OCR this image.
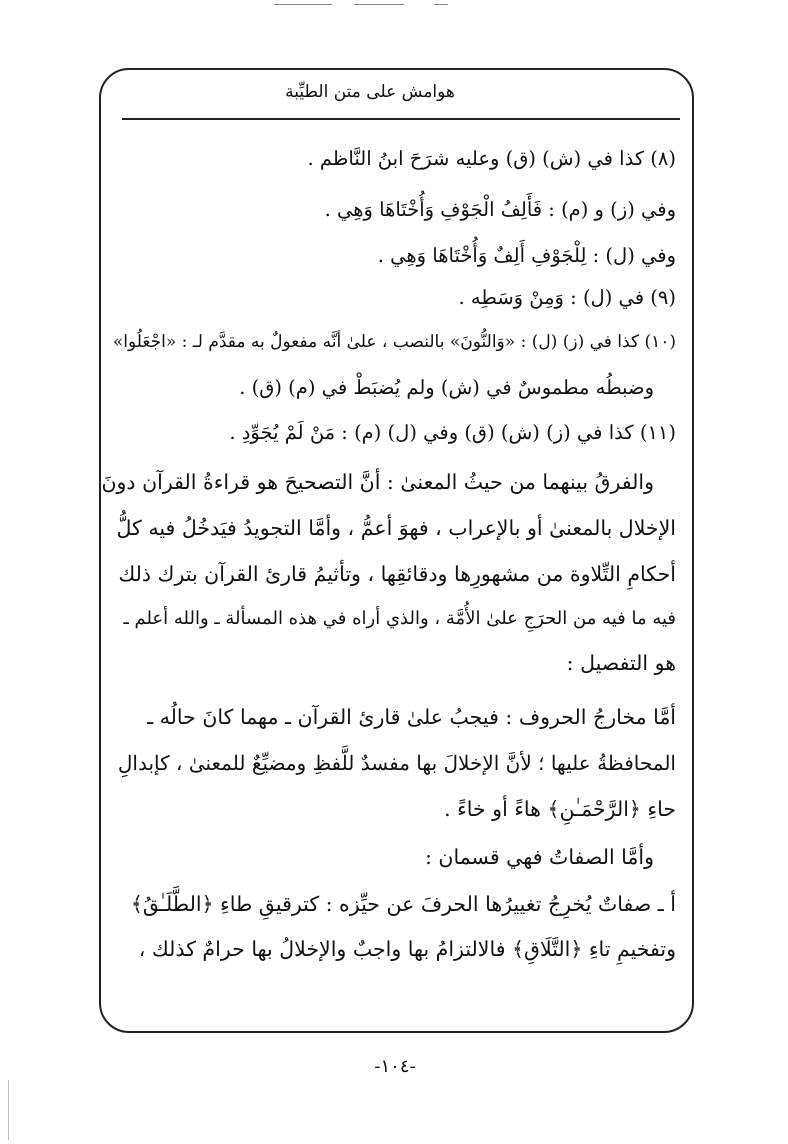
هوامش على متن الطيِّبة
(٨) كذا في (ش) (ق) وعليه شرَحَ ابنُ النَّاظم .
وفي (ز) و (م) : فَأَلِفُ الْجَوْفِ وَأُخْتَاهَا وَهِي .
وفي (ل) : لِلْجَوْفِ أَلِفٌ وَأُخْتَاهَا وَهِي .
(٩) في (ل) : وَمِنْ وَسَطِه .
(١٠) كذا في (ز) (ل) : «وَالنُّونَ» بالنصب ، علىٰ أنَّه مفعولٌ به مقدَّم لـ : «اجْعَلُوا»
وضبطُه مطموسٌ في (ش) ولم يُضبَطْ في (م) (ق) .
(١١) كذا في (ز) (ش) (ق) وفي (ل) (م) : مَنْ لَمْ يُجَوِّدِ .
والفرقُ بينهما من حيثُ المعنىٰ : أنَّ التصحيحَ هو قراءةُ القرآن دونَ
الإخلال بالمعنىٰ أو بالإعراب ، فهوَ أعمُّ ، وأمَّا التجويدُ فيَدخُلُ فيه كلُّ
أحكامِ التِّلاوة من مشهورِها ودقائقِها ، وتأثيمُ قارئ القرآن بترك ذلك
فيه ما فيه من الحرَجِ علىٰ الأُمَّة ، والذي أراه في هذه المسألة ـ والله أعلم ـ
هو التفصيل :
أمَّا مخارجُ الحروف : فيجبُ علىٰ قارئ القرآن ـ مهما كانَ حالُه ـ
المحافظةُ عليها ؛ لأنَّ الإخلالَ بها مفسدٌ للَّفظِ ومضيِّعٌ للمعنىٰ ، كإبدالِ
حاءِ ﴿الرَّحْمَـٰنِ﴾ هاءً أو خاءً .
وأمَّا الصفاتُ فهي قسمان :
أ ـ صفاتٌ يُخرِجُ تغييرُها الحرفَ عن حيِّزه : كترقيقِ طاءِ ﴿الطَّلَـٰقُ﴾
وتفخيمِ تاءِ ﴿التَّلَاقِ﴾ فالالتزامُ بها واجبٌ والإخلالُ بها حرامٌ كذلك ،
-١٠٤-
